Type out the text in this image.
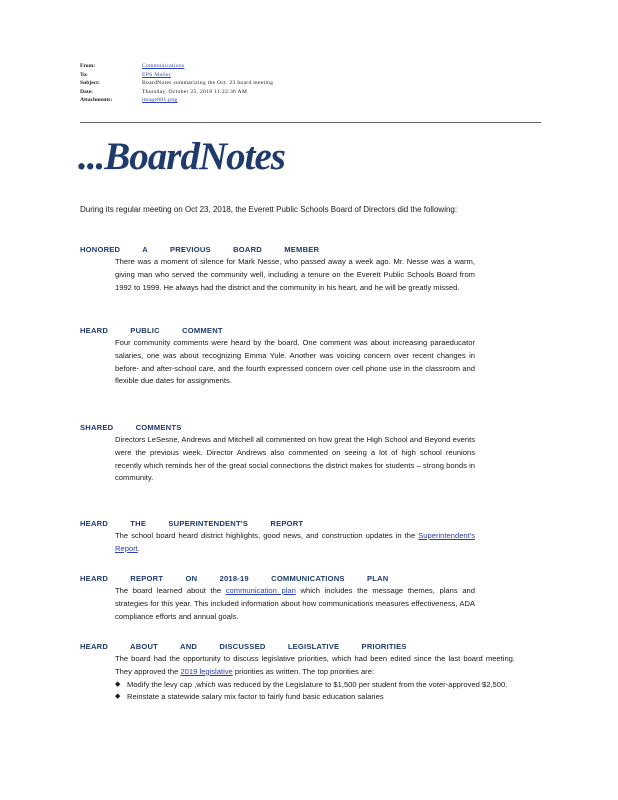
From:	Communications
To:	EPS Mailer
Subject:	BoardNotes summarizing the Oct. 23 board meeting
Date:	Thursday, October 25, 2018 11:22:36 AM
Attachments:	image001.png
...BoardNotes
During its regular meeting on Oct 23, 2018, the Everett Public Schools Board of Directors did the following:
HONORED A PREVIOUS BOARD MEMBER
There was a moment of silence for Mark Nesse, who passed away a week ago. Mr. Nesse was a warm, giving man who served the community well, including a tenure on the Everett Public Schools Board from 1992 to 1999. He always had the district and the community in his heart, and he will be greatly missed.
HEARD PUBLIC COMMENT
Four community comments were heard by the board. One comment was about increasing paraeducator salaries, one was about recognizing Emma Yule. Another was voicing concern over recent changes in before- and after-school care, and the fourth expressed concern over cell phone use in the classroom and flexible due dates for assignments.
SHARED COMMENTS
Directors LeSesne, Andrews and Mitchell all commented on how great the High School and Beyond events were the previous week. Director Andrews also commented on seeing a lot of high school reunions recently which reminds her of the great social connections the district makes for students – strong bonds in community.
HEARD THE SUPERINTENDENT'S REPORT
The school board heard district highlights, good news, and construction updates in the Superintendent's Report.
HEARD REPORT ON 2018-19 COMMUNICATIONS PLAN
The board learned about the communication plan which includes the message themes, plans and strategies for this year. This included information about how communications measures effectiveness, ADA compliance efforts and annual goals.
HEARD ABOUT AND DISCUSSED LEGISLATIVE PRIORITIES
The board had the opportunity to discuss legislative priorities, which had been edited since the last board meeting. They approved the 2019 legislative priorities as written. The top priorities are:
◆ Modify the levy cap ,which was reduced by the Legislature to $1,500 per student from the voter-approved $2,500.
◆ Reinstate a statewide salary mix factor to fairly fund basic education salaries
